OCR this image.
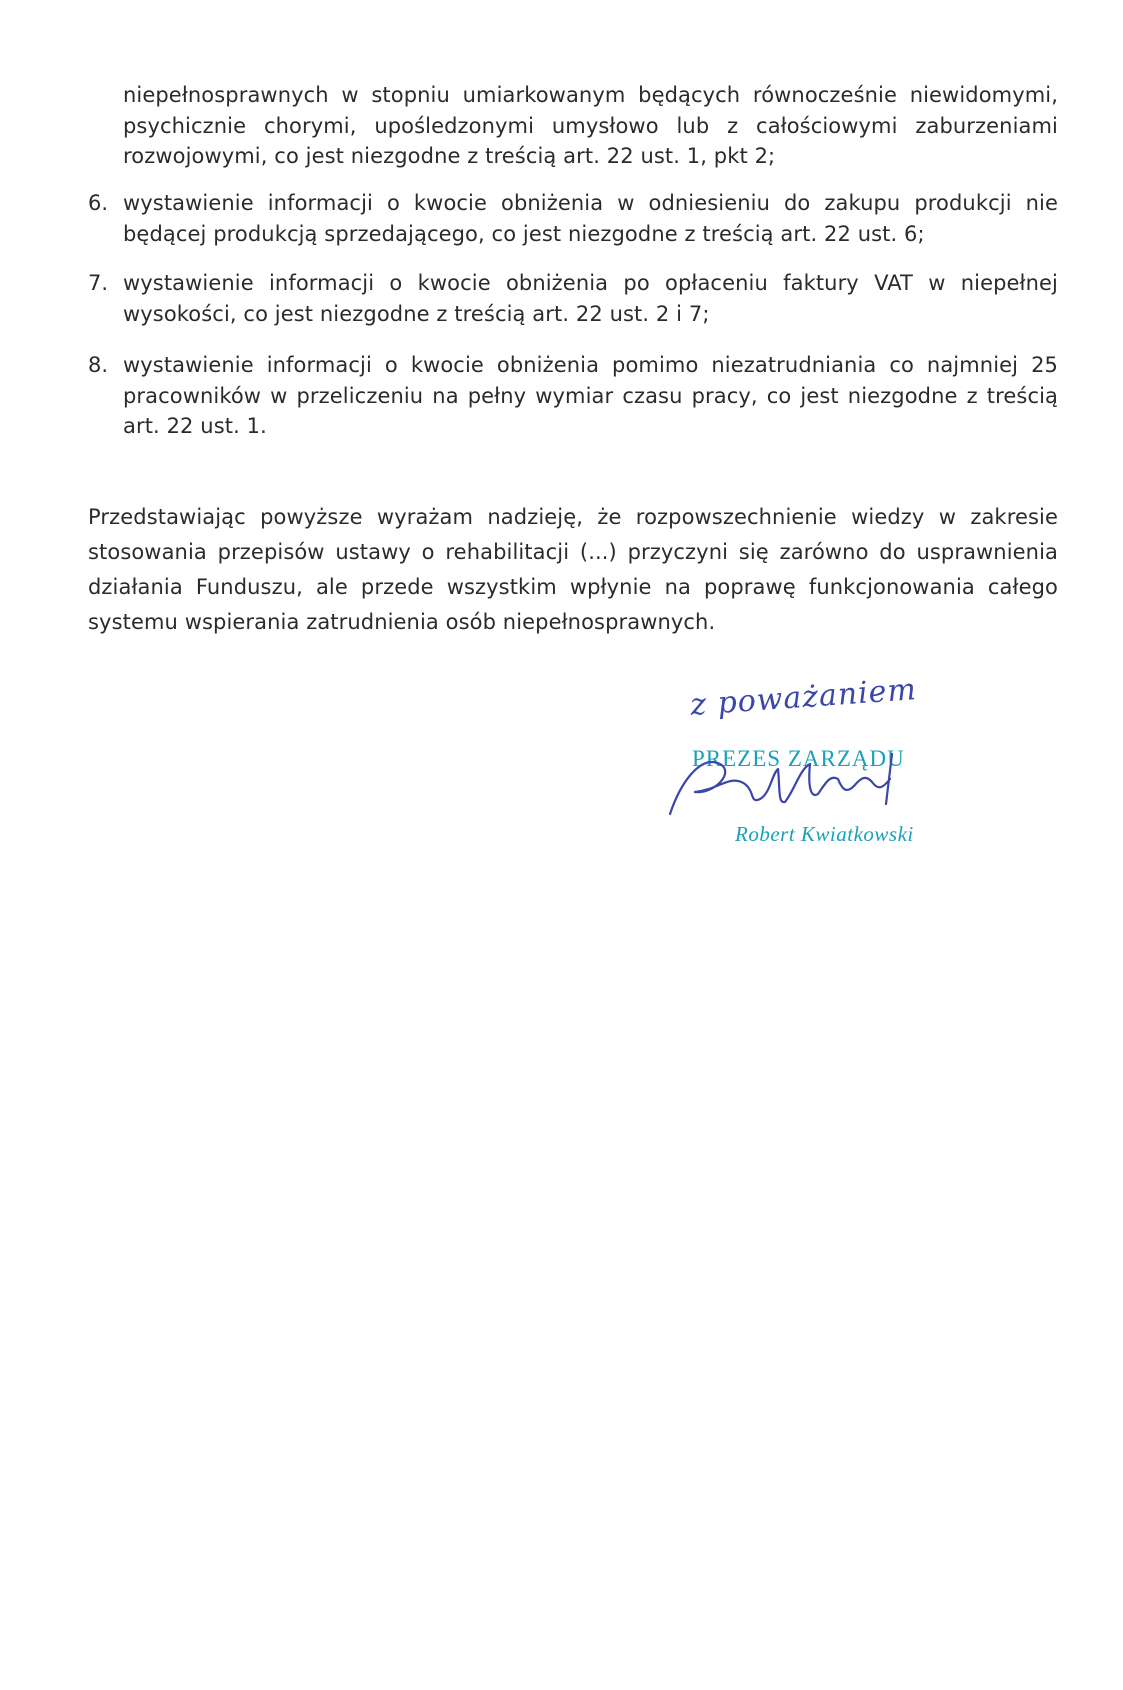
niepełnosprawnych w stopniu umiarkowanym będących równocześnie niewidomymi, psychicznie chorymi, upośledzonymi umysłowo lub z całościowymi zaburzeniami rozwojowymi, co jest niezgodne z treścią art. 22 ust. 1, pkt 2;
6. wystawienie informacji o kwocie obniżenia w odniesieniu do zakupu produkcji nie będącej produkcją sprzedającego, co jest niezgodne z treścią art. 22 ust. 6;
7. wystawienie informacji o kwocie obniżenia po opłaceniu faktury VAT w niepełnej wysokości, co jest niezgodne z treścią art. 22 ust. 2 i 7;
8. wystawienie informacji o kwocie obniżenia pomimo niezatrudniania co najmniej 25 pracowników w przeliczeniu na pełny wymiar czasu pracy, co jest niezgodne z treścią art. 22 ust. 1.
Przedstawiając powyższe wyrażam nadzieję, że rozpowszechnienie wiedzy w zakresie stosowania przepisów ustawy o rehabilitacji (...) przyczyni się zarówno do usprawnienia działania Funduszu, ale przede wszystkim wpłynie na poprawę funkcjonowania całego systemu wspierania zatrudnienia osób niepełnosprawnych.
z poważaniem
PREZES ZARZĄDU
Robert Kwiatkowski
